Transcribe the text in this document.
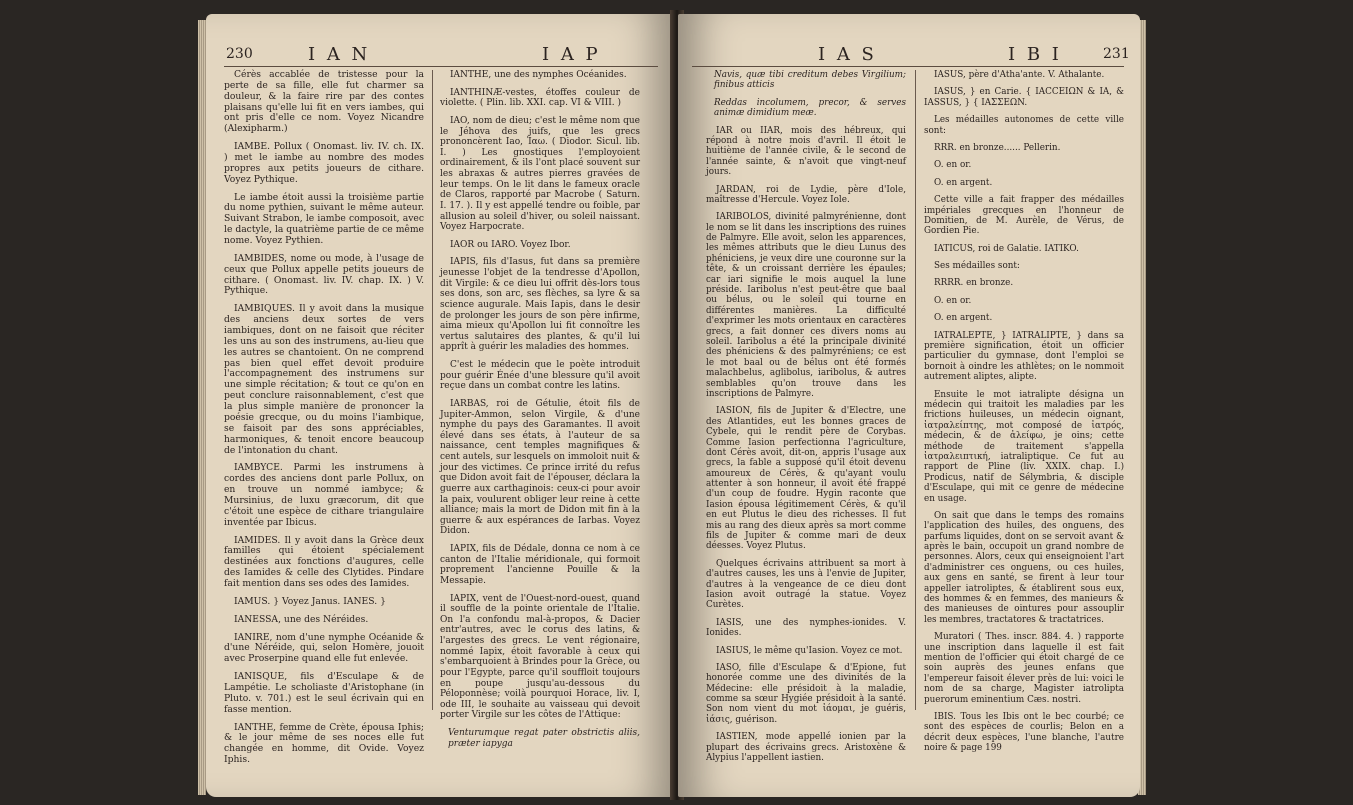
230	I A N	I A P

Cérès accablée de tristesse pour la perte de sa fille, elle fut charmer sa douleur, & la faire rire par des contes plaisans qu'elle lui fit en vers iambes, qui ont pris d'elle ce nom. Voyez Nicandre (Alexipharm.)

IAMBE. Pollux ( Onomast. liv. IV. ch. IX. ) met le iambe au nombre des modes propres aux petits joueurs de cithare. Voyez Pythique.

Le iambe étoit aussi la troisième partie du nome pythien, suivant le même auteur. Suivant Strabon, le iambe composoit, avec le dactyle, la quatrième partie de ce même nome. Voyez Pythien.

IAMBIDES, nome ou mode, à l'usage de ceux que Pollux appelle petits joueurs de cithare. ( Onomast. liv. IV. chap. IX. ) V. Pythique.

IAMBIQUES. Il y avoit dans la musique des anciens deux sortes de vers iambiques, dont on ne faisoit que réciter les uns au son des instrumens, au-lieu que les autres se chantoient. On ne comprend pas bien quel effet devoit produire l'accompagnement des instrumens sur une simple récitation; & tout ce qu'on en peut conclure raisonnablement, c'est que la plus simple manière de prononcer la poésie grecque, ou du moins l'iambique, se faisoit par des sons appréciables, harmoniques, & tenoit encore beaucoup de l'intonation du chant.

IAMBYCE. Parmi les instrumens à cordes des anciens dont parle Pollux, on en trouve un nommé iambyce; & Mursinius, de luxu græcorum, dit que c'étoit une espèce de cithare triangulaire inventée par Ibicus.

IAMIDES. Il y avoit dans la Grèce deux familles qui étoient spécialement destinées aux fonctions d'augures, celle des Iamides & celle des Clytides. Pindare fait mention dans ses odes des Iamides.

IAMUS. } Voyez Janus. IANES. }

IANESSA, une des Néréides.

IANIRE, nom d'une nymphe Océanide & d'une Néréide, qui, selon Homère, jouoit avec Proserpine quand elle fut enlevée.

IANISQUE, fils d'Esculape & de Lampétie. Le scholiaste d'Aristophane (in Pluto. v. 701.) est le seul écrivain qui en fasse mention.

IANTHE, femme de Crète, épousa Iphis; & le jour même de ses noces elle fut changée en homme, dit Ovide. Voyez Iphis.

IANTHE, une des nymphes Océanides.

IANTHINÆ-vestes, étoffes couleur de violette. ( Plin. lib. XXI. cap. VI & VIII. )

IAO, nom de dieu; c'est le même nom que le Jéhova des juifs, que les grecs prononcèrent Iao, Ἰαω. ( Diodor. Sicul. lib. I. ) Les gnostiques l'employoient ordinairement, & ils l'ont placé souvent sur les abraxas & autres pierres gravées de leur temps. On le lit dans le fameux oracle de Claros, rapporté par Macrobe ( Saturn. I. 17. ). Il y est appellé tendre ou foible, par allusion au soleil d'hiver, ou soleil naissant. Voyez Harpocrate.

IAOR ou IARO. Voyez Ibor.

IAPIS, fils d'Iasus, fut dans sa première jeunesse l'objet de la tendresse d'Apollon, dit Virgile: & ce dieu lui offrit dès-lors tous ses dons, son arc, ses flèches, sa lyre & sa science augurale. Mais Iapis, dans le desir de prolonger les jours de son père infirme, aima mieux qu'Apollon lui fit connoître les vertus salutaires des plantes, & qu'il lui apprît à guérir les maladies des hommes.

C'est le médecin que le poète introduit pour guérir Énée d'une blessure qu'il avoit reçue dans un combat contre les latins.

IARBAS, roi de Gétulie, étoit fils de Jupiter-Ammon, selon Virgile, & d'une nymphe du pays des Garamantes. Il avoit élevé dans ses états, à l'auteur de sa naissance, cent temples magnifiques & cent autels, sur lesquels on immoloit nuit & jour des victimes. Ce prince irrité du refus que Didon avoit fait de l'épouser, déclara la guerre aux carthaginois: ceux-ci pour avoir la paix, voulurent obliger leur reine à cette alliance; mais la mort de Didon mit fin à la guerre & aux espérances de Iarbas. Voyez Didon.

IAPIX, fils de Dédale, donna ce nom à ce canton de l'Italie méridionale, qui formoit proprement l'ancienne Pouille & la Messapie.

IAPIX, vent de l'Ouest-nord-ouest, quand il souffle de la pointe orientale de l'Italie. On l'a confondu mal-à-propos, & Dacier entr'autres, avec le corus des latins, & l'argestes des grecs. Le vent régionaire, nommé Iapix, étoit favorable à ceux qui s'embarquoient à Brindes pour la Grèce, ou pour l'Egypte, parce qu'il souffloit toujours en poupe jusqu'au-dessous du Péloponnèse; voilà pourquoi Horace, liv. I, ode III, le souhaite au vaisseau qui devoit porter Virgile sur les côtes de l'Attique:

Venturumque regat pater obstrictis aliis, præter iapyga

I A S	I B I	231

Navis, quæ tibi creditum debes Virgilium; finibus atticis

Reddas incolumem, precor, & serves animæ dimidium meæ.

IAR ou IIAR, mois des hébreux, qui répond à notre mois d'avril. Il étoit le huitième de l'année civile, & le second de l'année sainte, & n'avoit que vingt-neuf jours.

JARDAN, roi de Lydie, père d'Iole, maîtresse d'Hercule. Voyez Iole.

IARIBOLOS, divinité palmyrénienne, dont le nom se lit dans les inscriptions des ruines de Palmyre. Elle avoit, selon les apparences, les mêmes attributs que le dieu Lunus des phéniciens, je veux dire une couronne sur la tête, & un croissant derrière les épaules; car iari signifie le mois auquel la lune préside. Iaribolus n'est peut-être que baal ou bélus, ou le soleil qui tourne en différentes manières. La difficulté d'exprimer les mots orientaux en caractères grecs, a fait donner ces divers noms au soleil. Iaribolus a été la principale divinité des phéniciens & des palmyréniens; ce est le mot baal ou de bélus ont été formés malachbelus, aglibolus, iaribolus, & autres semblables qu'on trouve dans les inscriptions de Palmyre.

IASION, fils de Jupiter & d'Electre, une des Atlantides, eut les bonnes graces de Cybele, qui le rendit père de Corybas. Comme Iasion perfectionna l'agriculture, dont Cérès avoit, dit-on, appris l'usage aux grecs, la fable a supposé qu'il étoit devenu amoureux de Cérès, & qu'ayant voulu attenter à son honneur, il avoit été frappé d'un coup de foudre. Hygin raconte que Iasion épousa légitimement Cérès, & qu'il en eut Plutus le dieu des richesses. Il fut mis au rang des dieux après sa mort comme fils de Jupiter & comme mari de deux déesses. Voyez Plutus.

Quelques écrivains attribuent sa mort à d'autres causes, les uns à l'envie de Jupiter, d'autres à la vengeance de ce dieu dont Iasion avoit outragé la statue. Voyez Curètes.

IASIS, une des nymphes-ionides. V. Ionides.

IASIUS, le même qu'Iasion. Voyez ce mot.

IASO, fille d'Esculape & d'Epione, fut honorée comme une des divinités de la Médecine: elle présidoit à la maladie, comme sa sœur Hygiée présidoit à la santé. Son nom vient du mot ἰάομαι, je guéris, ἰάσις, guérison.

IASTIEN, mode appellé ionien par la plupart des écrivains grecs. Aristoxène & Alypius l'appellent iastien.

IASUS, père d'Atha'ante. V. Athalante.

IASUS, } en Carie. { IACCEIΩN & IA, & IASSUS, } { IAΣΣEΩN.

Les médailles autonomes de cette ville sont:

RRR. en bronze...... Pellerin.

O. en or.

O. en argent.

Cette ville a fait frapper des médailles impériales grecques en l'honneur de Domitien, de M. Aurèle, de Vérus, de Gordien Pie.

IATICUS, roi de Galatie. IATIKO.

Ses médailles sont:

RRRR. en bronze.

O. en or.

O. en argent.

IATRALEPTE, } IATRALIPTE, } dans sa première signification, étoit un officier particulier du gymnase, dont l'emploi se bornoit à oindre les athlètes; on le nommoit autrement aliptes, alipte.

Ensuite le mot iatralipte désigna un médecin qui traitoit les maladies par les frictions huileuses, un médecin oignant, ἰατραλείπτης, mot composé de ἰατρός, médecin, & de ἀλείφω, je oins; cette méthode de traitement s'appella ἰατραλειπτική, iatraliptique. Ce fut au rapport de Pline (liv. XXIX. chap. I.) Prodicus, natif de Sélymbria, & disciple d'Esculape, qui mit ce genre de médecine en usage.

On sait que dans le temps des romains l'application des huiles, des onguens, des parfums liquides, dont on se servoit avant & après le bain, occupoit un grand nombre de personnes. Alors, ceux qui enseignoient l'art d'administrer ces onguens, ou ces huiles, aux gens en santé, se firent à leur tour appeller iatroliptes, & établirent sous eux, des hommes & en femmes, des manieurs & des manieuses de ointures pour assouplir les membres, tractatores & tractatrices.

Muratori ( Thes. inscr. 884. 4. ) rapporte une inscription dans laquelle il est fait mention de l'officier qui étoit chargé de ce soin auprès des jeunes enfans que l'empereur faisoit élever près de lui: voici le nom de sa charge, Magister iatroliptа puerorum eminentium Cæs. nostri.

IBIS. Tous les Ibis ont le bec courbé; ce sont des espèces de courlis; Belon en a décrit deux espèces, l'une blanche, l'autre noire & page 199
